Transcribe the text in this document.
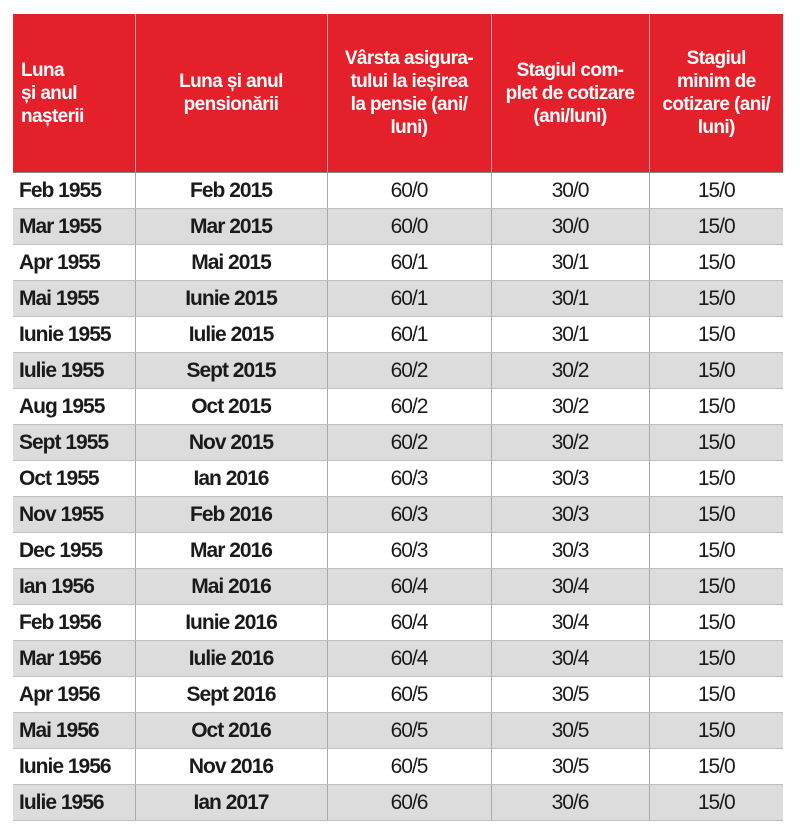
Luna
și anul
nașterii	Luna și anul
pensionării	Vârsta asigura-
tului la ieșirea
la pensie (ani/
luni)	Stagiul com-
plet de cotizare
(ani/luni)	Stagiul
minim de
cotizare (ani/
luni)
Feb 1955	Feb 2015	60/0	30/0	15/0
Mar 1955	Mar 2015	60/0	30/0	15/0
Apr 1955	Mai 2015	60/1	30/1	15/0
Mai 1955	Iunie 2015	60/1	30/1	15/0
Iunie 1955	Iulie 2015	60/1	30/1	15/0
Iulie 1955	Sept 2015	60/2	30/2	15/0
Aug 1955	Oct 2015	60/2	30/2	15/0
Sept 1955	Nov 2015	60/2	30/2	15/0
Oct 1955	Ian 2016	60/3	30/3	15/0
Nov 1955	Feb 2016	60/3	30/3	15/0
Dec 1955	Mar 2016	60/3	30/3	15/0
Ian 1956	Mai 2016	60/4	30/4	15/0
Feb 1956	Iunie 2016	60/4	30/4	15/0
Mar 1956	Iulie 2016	60/4	30/4	15/0
Apr 1956	Sept 2016	60/5	30/5	15/0
Mai 1956	Oct 2016	60/5	30/5	15/0
Iunie 1956	Nov 2016	60/5	30/5	15/0
Iulie 1956	Ian 2017	60/6	30/6	15/0
